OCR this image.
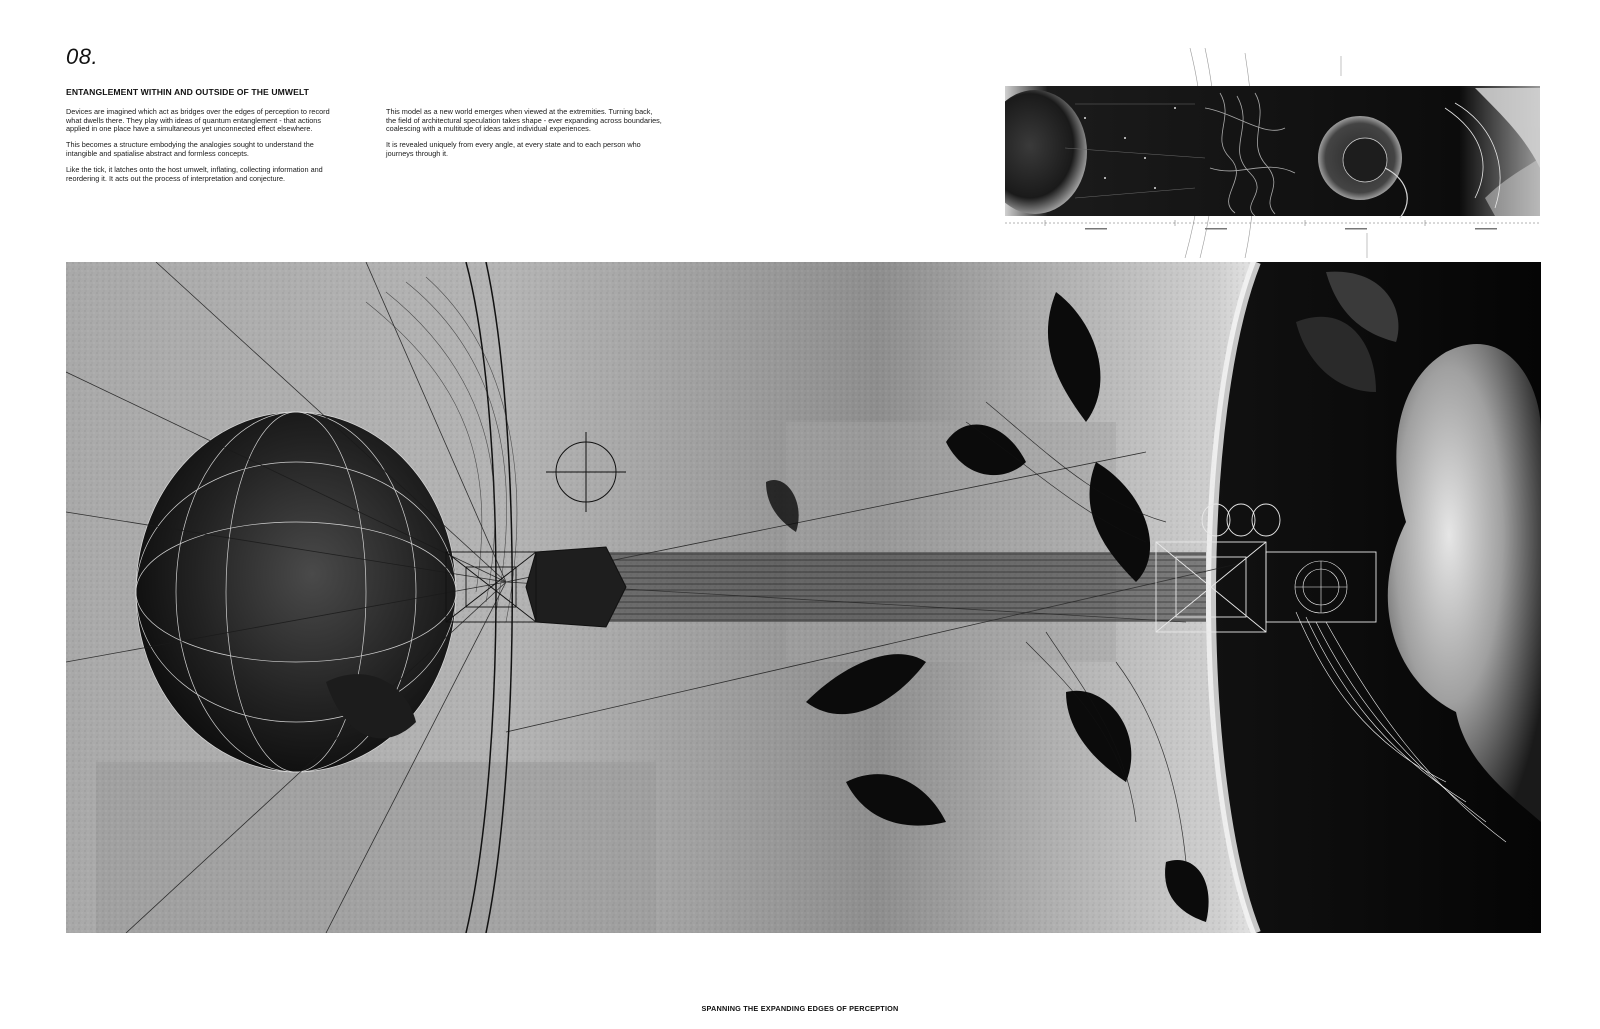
08.
ENTANGLEMENT WITHIN AND OUTSIDE OF THE UMWELT

Devices are imagined which act as bridges over the edges of perception to record what dwells there. They play with ideas of quantum entanglement - that actions applied in one place have a simultaneous yet unconnected effect elsewhere.

This becomes a structure embodying the analogies sought to understand the intangible and spatialise abstract and formless concepts.

Like the tick, it latches onto the host umwelt, inflating, collecting information and reordering it. It acts out the process of interpretation and conjecture.

This model as a new world emerges when viewed at the extremities. Turning back, the field of architectural speculation takes shape - ever expanding across boundaries, coalescing with a multitude of ideas and individual experiences.

It is revealed uniquely from every angle, at every state and to each person who journeys through it.

SPANNING THE EXPANDING EDGES OF PERCEPTION
